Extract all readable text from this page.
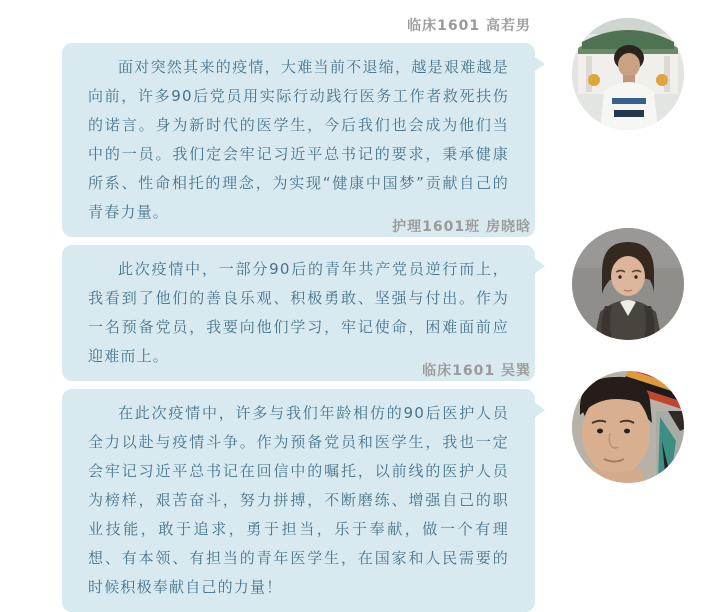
临床1601 高若男

面对突然其来的疫情，大难当前不退缩，越是艰难越是向前，许多90后党员用实际行动践行医务工作者救死扶伤的诺言。身为新时代的医学生，今后我们也会成为他们当中的一员。我们定会牢记习近平总书记的要求，秉承健康所系、性命相托的理念，为实现“健康中国梦”贡献自己的青春力量。

护理1601班 房晓晗

此次疫情中，一部分90后的青年共产党员逆行而上，我看到了他们的善良乐观、积极勇敢、坚强与付出。作为一名预备党员，我要向他们学习，牢记使命，困难面前应迎难而上。

临床1601 吴巽

在此次疫情中，许多与我们年龄相仿的90后医护人员全力以赴与疫情斗争。作为预备党员和医学生，我也一定会牢记习近平总书记在回信中的嘱托，以前线的医护人员为榜样，艰苦奋斗，努力拼搏，不断磨练、增强自己的职业技能，敢于追求，勇于担当，乐于奉献，做一个有理想、有本领、有担当的青年医学生，在国家和人民需要的时候积极奉献自己的力量！
